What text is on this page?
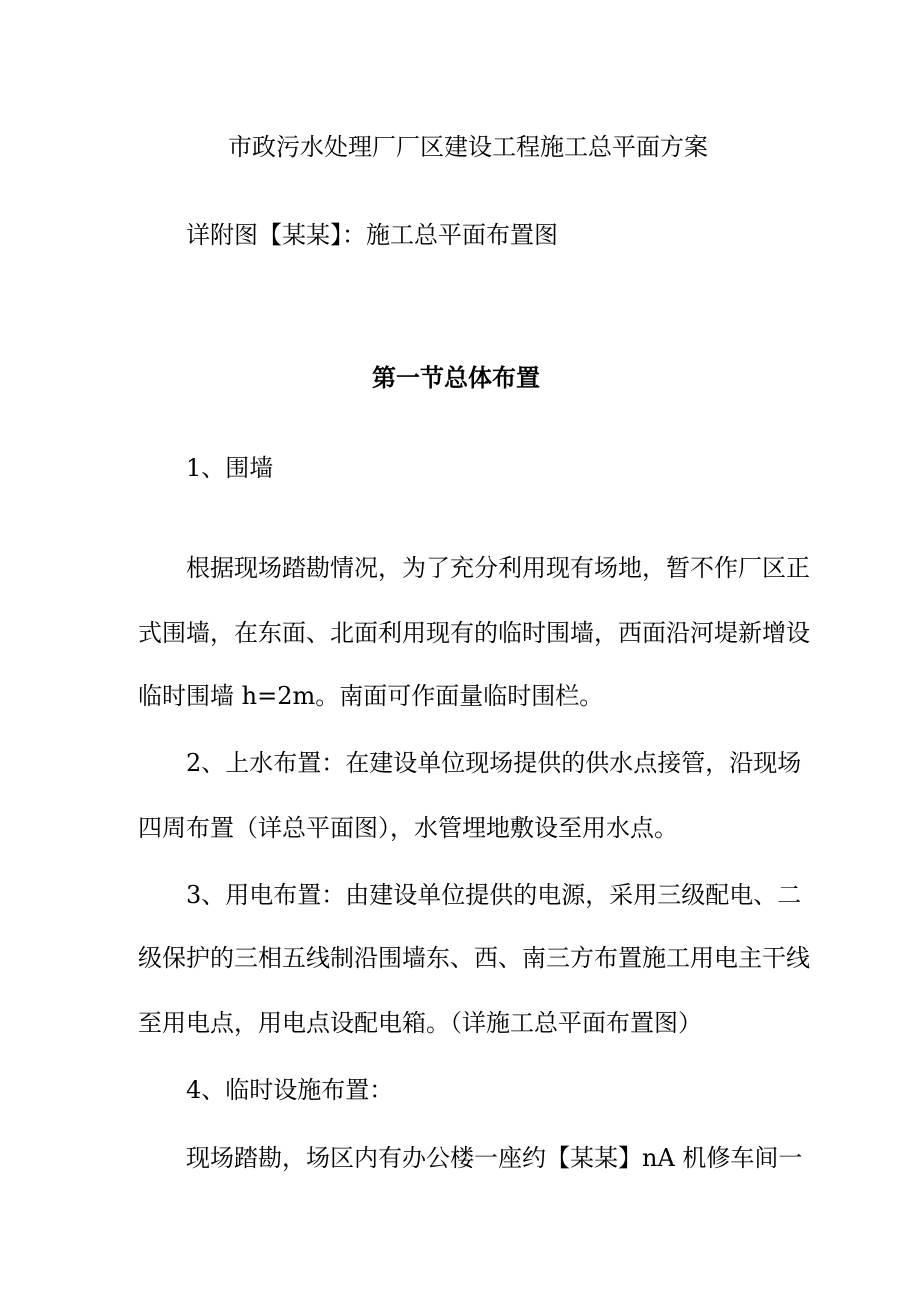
市政污水处理厂厂区建设工程施工总平面方案
详附图【某某】：施工总平面布置图
第一节总体布置
1、围墙
根据现场踏勘情况，为了充分利用现有场地，暂不作厂区正
式围墙，在东面、北面利用现有的临时围墙，西面沿河堤新增设
临时围墙 h=2m。南面可作面量临时围栏。
2、上水布置：在建设单位现场提供的供水点接管，沿现场
四周布置（详总平面图），水管埋地敷设至用水点。
3、用电布置：由建设单位提供的电源，采用三级配电、二
级保护的三相五线制沿围墙东、西、南三方布置施工用电主干线
至用电点，用电点设配电箱。（详施工总平面布置图）
4、临时设施布置：
现场踏勘，场区内有办公楼一座约【某某】nA 机修车间一
